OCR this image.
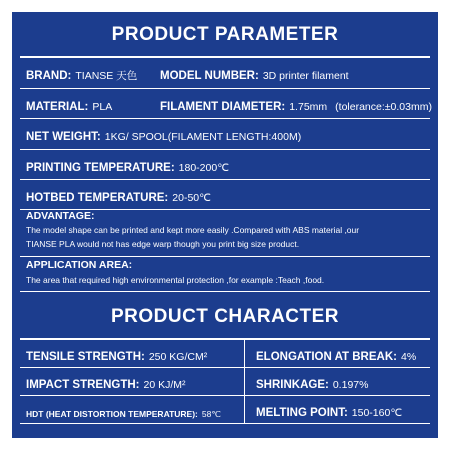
PRODUCT PARAMETER
BRAND: TIANSE 天色 MODEL NUMBER: 3D printer filament
MATERIAL: PLA	FILAMENT DIAMETER: 1.75mm (tolerance:±0.03mm)
NET WEIGHT: 1KG/ SPOOL(FILAMENT LENGTH:400M)
PRINTING TEMPERATURE: 180-200℃
HOTBED TEMPERATURE: 20-50℃
ADVANTAGE:
The model shape can be printed and kept more easily .Compared with ABS material ,our
TIANSE PLA would not has edge warp though you print big size product.
APPLICATION AREA:
The area that required high environmental protection ,for example :Teach ,food.
PRODUCT CHARACTER
TENSILE STRENGTH: 250 KG/CM²	ELONGATION AT BREAK: 4%
IMPACT STRENGTH: 20 KJ/M²	SHRINKAGE: 0.197%
HDT (HEAT DISTORTION TEMPERATURE): 58℃	MELTING POINT: 150-160℃
